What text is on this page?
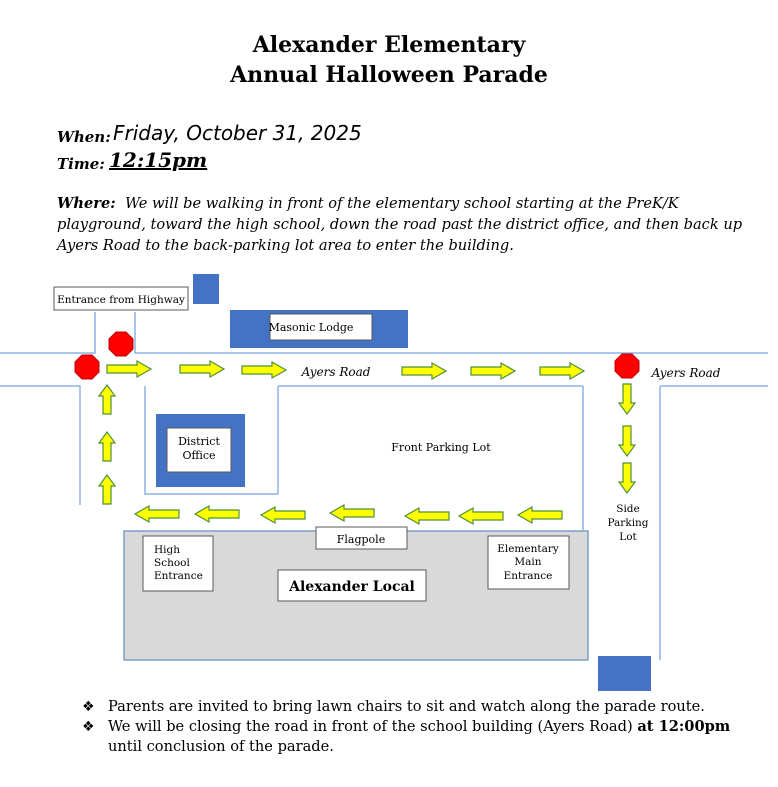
Alexander Elementary
Annual Halloween Parade
When: Friday, October 31, 2025
Time: 12:15pm
Where: We will be walking in front of the elementary school starting at the PreK/K playground, toward the high school, down the road past the district office, and then back up Ayers Road to the back-parking lot area to enter the building.
Entrance from Highway
Masonic Lodge
District
Office
Flagpole
High
School
Entrance
Elementary
Main
Entrance
Alexander Local
Ayers Road	Ayers Road
Front Parking Lot
Side
Parking
Lot
❖ Parents are invited to bring lawn chairs to sit and watch along the parade route.
❖ We will be closing the road in front of the school building (Ayers Road) at 12:00pm
until conclusion of the parade.
